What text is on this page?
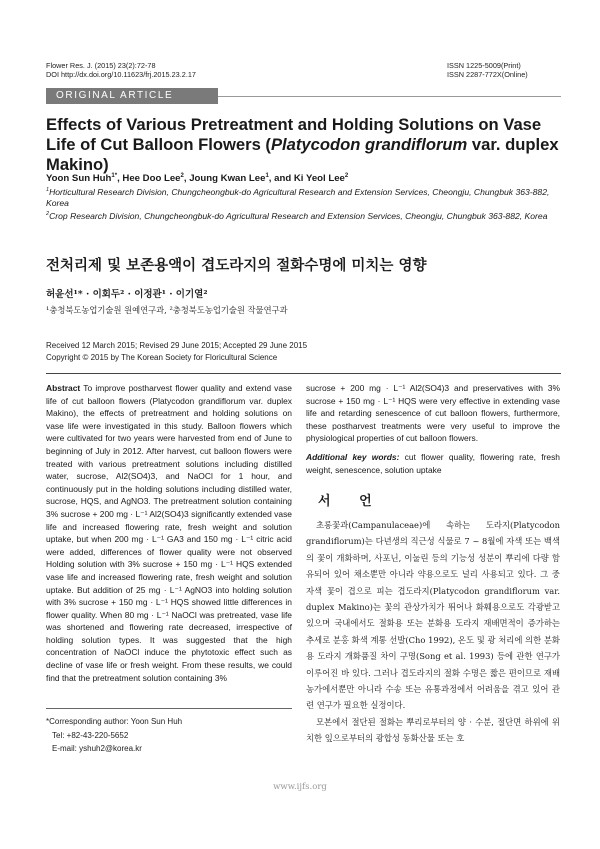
Flower Res. J. (2015) 23(2):72-78
DOI http://dx.doi.org/10.11623/frj.2015.23.2.17
ISSN 1225-5009(Print)
ISSN 2287-772X(Online)
ORIGINAL ARTICLE
Effects of Various Pretreatment and Holding Solutions on Vase Life of Cut Balloon Flowers (Platycodon grandiflorum var. duplex Makino)
Yoon Sun Huh$^{1*}$, Hee Doo Lee$^2$, Joung Kwan Lee$^1$, and Ki Yeol Lee$^2$
$^1$Horticultural Research Division, Chungcheongbuk-do Agricultural Research and Extension Services, Cheongju, Chungbuk 363-882, Korea
$^2$Crop Research Division, Chungcheongbuk-do Agricultural Research and Extension Services, Cheongju, Chungbuk 363-882, Korea
전처리제 및 보존용액이 겹도라지의 절화수명에 미치는 영향
허윤선¹* · 이회두² · 이정관¹ · 이기열²
¹충청북도농업기술원 원예연구과, ²충청북도농업기술원 작물연구과
Received 12 March 2015; Revised 29 June 2015; Accepted 29 June 2015
Copyright © 2015 by The Korean Society for Floricultural Science

Abstract To improve postharvest flower quality and extend vase life of cut balloon flowers (Platycodon grandiflorum var. duplex Makino), the effects of pretreatment and holding solutions on vase life were investigated in this study. Balloon flowers which were cultivated for two years were harvested from end of June to beginning of July in 2012. After harvest, cut balloon flowers were treated with various pretreatment solutions including distilled water, sucrose, Al2(SO4)3, and NaOCl for 1 hour, and continuously put in the holding solutions including distilled water, sucrose, HQS, and AgNO3. The pretreatment solution containing 3% sucrose + 200 mg · L⁻¹ Al2(SO4)3 significantly extended vase life and increased flowering rate, fresh weight and solution uptake, but when 200 mg · L⁻¹ GA3 and 150 mg · L⁻¹ citric acid were added, differences of flower quality were not observed Holding solution with 3% sucrose + 150 mg · L⁻¹ HQS extended vase life and increased flowering rate, fresh weight and solution uptake. But addition of 25 mg · L⁻¹ AgNO3 into holding solution with 3% sucrose + 150 mg · L⁻¹ HQS showed little differences in flower quality. When 80 mg · L⁻¹ NaOCl was pretreated, vase life was shortened and flowering rate decreased, irrespective of holding solution types. It was suggested that the high concentration of NaOCl induce the phytotoxic effect such as decline of vase life or fresh weight. From these results, we could find that the pretreatment solution containing 3%

sucrose + 200 mg · L⁻¹ Al2(SO4)3 and preservatives with 3% sucrose + 150 mg · L⁻¹ HQS were very effective in extending vase life and retarding senescence of cut balloon flowers, furthermore, these postharvest treatments were very useful to improve the physiological properties of cut balloon flowers.

Additional key words: cut flower quality, flowering rate, fresh weight, senescence, solution uptake

서 언

초롱꽃과(Campanulaceae)에 속하는 도라지(Platycodon grandiflorum)는 다년생의 직근성 식물로 7 ~ 8월에 자색 또는 백색의 꽃이 개화하며, 사포닌, 이눌린 등의 기능성 성분이 뿌리에 다량 함유되어 있어 채소뿐만 아니라 약용으로도 널리 사용되고 있다. 그 중 자색 꽃이 겹으로 피는 겹도라지(Platycodon grandiflorum var. duplex Makino)는 꽃의 관상가치가 뛰어나 화훼용으로도 각광받고 있으며 국내에서도 절화용 또는 분화용 도라지 재배면적이 증가하는 추세로 분홍 화색 계통 선발(Cho 1992), 온도 및 광 처리에 의한 분화용 도라지 개화품질 차이 구명(Song et al. 1993) 등에 관한 연구가 이루어진 바 있다. 그러나 겹도라지의 절화 수명은 짧은 편이므로 재배농가에서뿐만 아니라 수송 또는 유통과정에서 어려움을 겪고 있어 관련 연구가 필요한 실정이다.

모본에서 절단된 절화는 뿌리로부터의 양 · 수분, 절단면 하위에 위치한 잎으로부터의 광합성 동화산물 또는 호

*Corresponding author: Yoon Sun Huh
Tel: +82-43-220-5652
E-mail: yshuh2@korea.kr
www.ijfs.org
